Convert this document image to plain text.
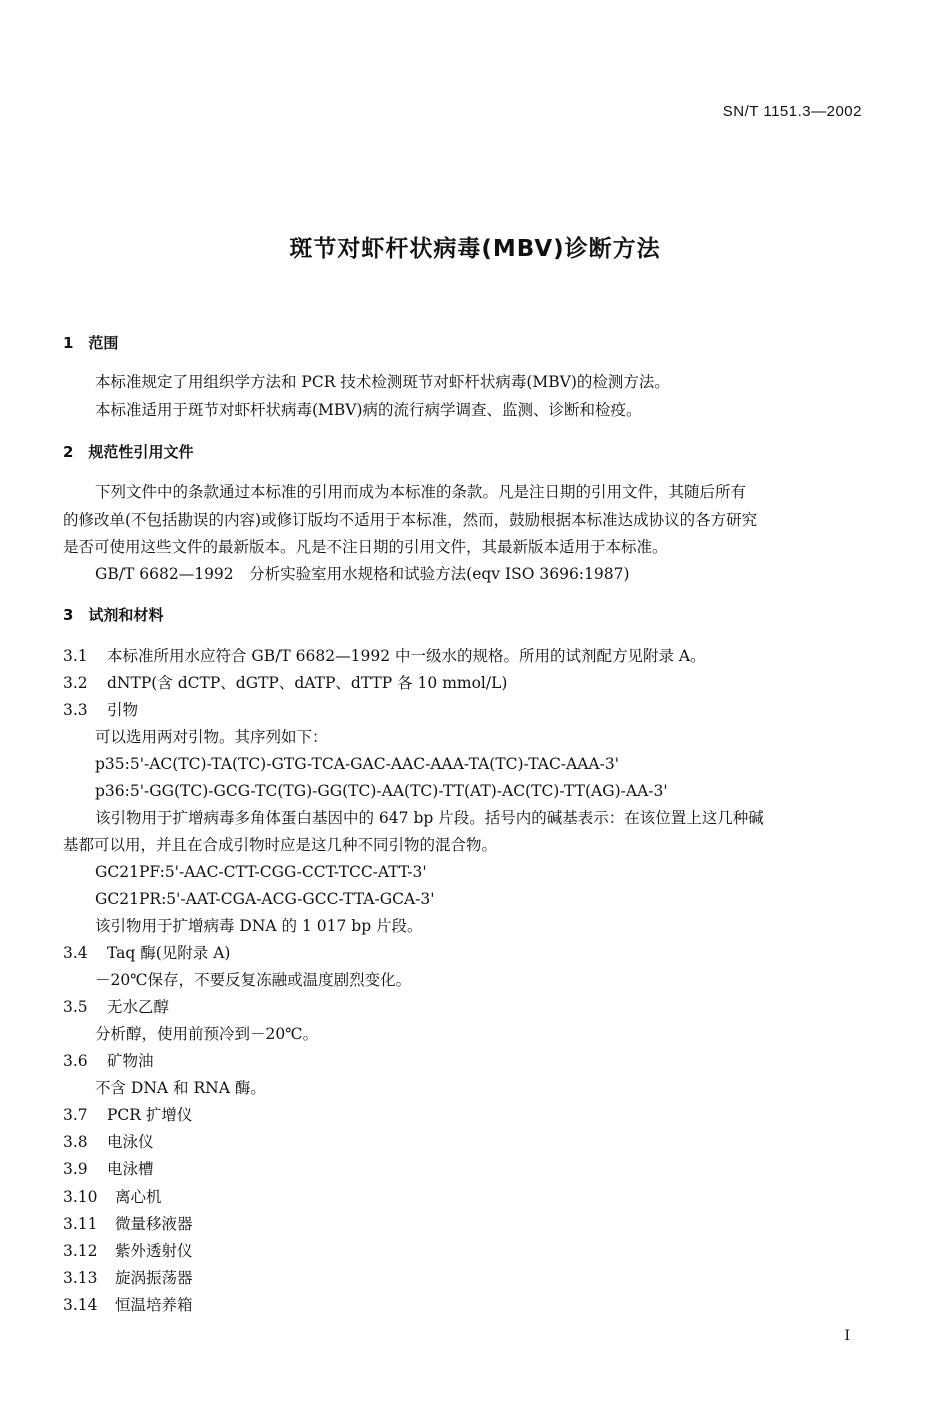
SN/T 1151.3—2002
斑节对虾杆状病毒(MBV)诊断方法
1　范围
本标准规定了用组织学方法和 PCR 技术检测斑节对虾杆状病毒(MBV)的检测方法。
本标准适用于斑节对虾杆状病毒(MBV)病的流行病学调查、监测、诊断和检疫。
2　规范性引用文件
下列文件中的条款通过本标准的引用而成为本标准的条款。凡是注日期的引用文件，其随后所有
的修改单(不包括勘误的内容)或修订版均不适用于本标准，然而，鼓励根据本标准达成协议的各方研究
是否可使用这些文件的最新版本。凡是不注日期的引用文件，其最新版本适用于本标准。
GB/T 6682—1992　分析实验室用水规格和试验方法(eqv ISO 3696:1987)
3　试剂和材料
3.1 本标准所用水应符合 GB/T 6682—1992 中一级水的规格。所用的试剂配方见附录 A。
3.2 dNTP(含 dCTP、dGTP、dATP、dTTP 各 10 mmol/L)
3.3 引物
可以选用两对引物。其序列如下：
p35:5'-AC(TC)-TA(TC)-GTG-TCA-GAC-AAC-AAA-TA(TC)-TAC-AAA-3'
p36:5'-GG(TC)-GCG-TC(TG)-GG(TC)-AA(TC)-TT(AT)-AC(TC)-TT(AG)-AA-3'
该引物用于扩增病毒多角体蛋白基因中的 647 bp 片段。括号内的碱基表示：在该位置上这几种碱
基都可以用，并且在合成引物时应是这几种不同引物的混合物。
GC21PF:5'-AAC-CTT-CGG-CCT-TCC-ATT-3'
GC21PR:5'-AAT-CGA-ACG-GCC-TTA-GCA-3'
该引物用于扩增病毒 DNA 的 1 017 bp 片段。
3.4 Taq 酶(见附录 A)
－20℃保存，不要反复冻融或温度剧烈变化。
3.5 无水乙醇
分析醇，使用前预冷到－20℃。
3.6 矿物油
不含 DNA 和 RNA 酶。
3.7 PCR 扩增仪
3.8 电泳仪
3.9 电泳槽
3.10 离心机
3.11 微量移液器
3.12 紫外透射仪
3.13 旋涡振荡器
3.14 恒温培养箱
I
